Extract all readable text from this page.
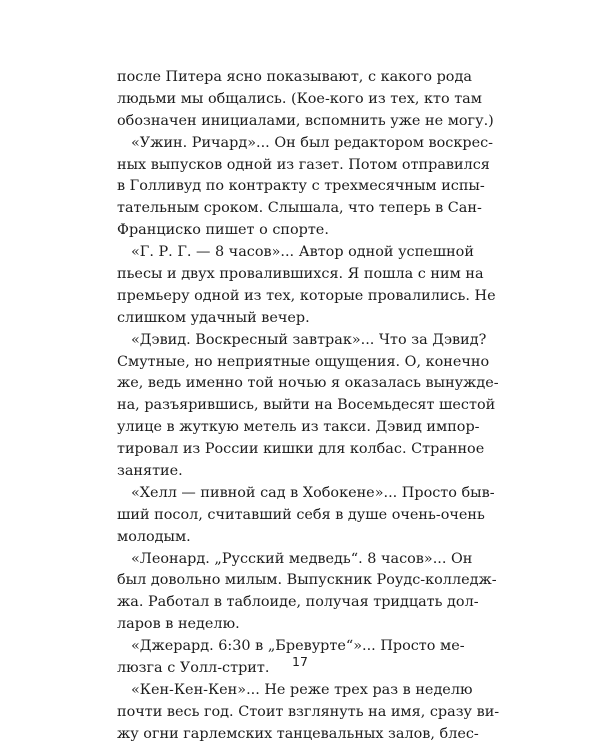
после Питера ясно показывают, с какого рода
людьми мы общались. (Кое-кого из тех, кто там
обозначен инициалами, вспомнить уже не могу.)
«Ужин. Ричард»... Он был редактором воскрес-
ных выпусков одной из газет. Потом отправился
в Голливуд по контракту с трехмесячным испы-
тательным сроком. Слышала, что теперь в Сан-
Франциско пишет о спорте.
«Г. Р. Г. — 8 часов»... Автор одной успешной
пьесы и двух провалившихся. Я пошла с ним на
премьеру одной из тех, которые провалились. Не
слишком удачный вечер.
«Дэвид. Воскресный завтрак»... Что за Дэвид?
Смутные, но неприятные ощущения. О, конечно
же, ведь именно той ночью я оказалась вынужде-
на, разъярившись, выйти на Восемьдесят шестой
улице в жуткую метель из такси. Дэвид импор-
тировал из России кишки для колбас. Странное
занятие.
«Хелл — пивной сад в Хобокене»... Просто быв-
ший посол, считавший себя в душе очень-очень
молодым.
«Леонард. „Русский медведь“. 8 часов»... Он
был довольно милым. Выпускник Роудс-колледж-
жа. Работал в таблоиде, получая тридцать дол-
ларов в неделю.
«Джерард. 6:30 в „Бревурте“»... Просто ме-
люзга с Уолл-стрит.
«Кен-Кен-Кен»... Не реже трех раз в неделю
почти весь год. Стоит взглянуть на имя, сразу ви-
жу огни гарлемских танцевальных залов, блес-
17
